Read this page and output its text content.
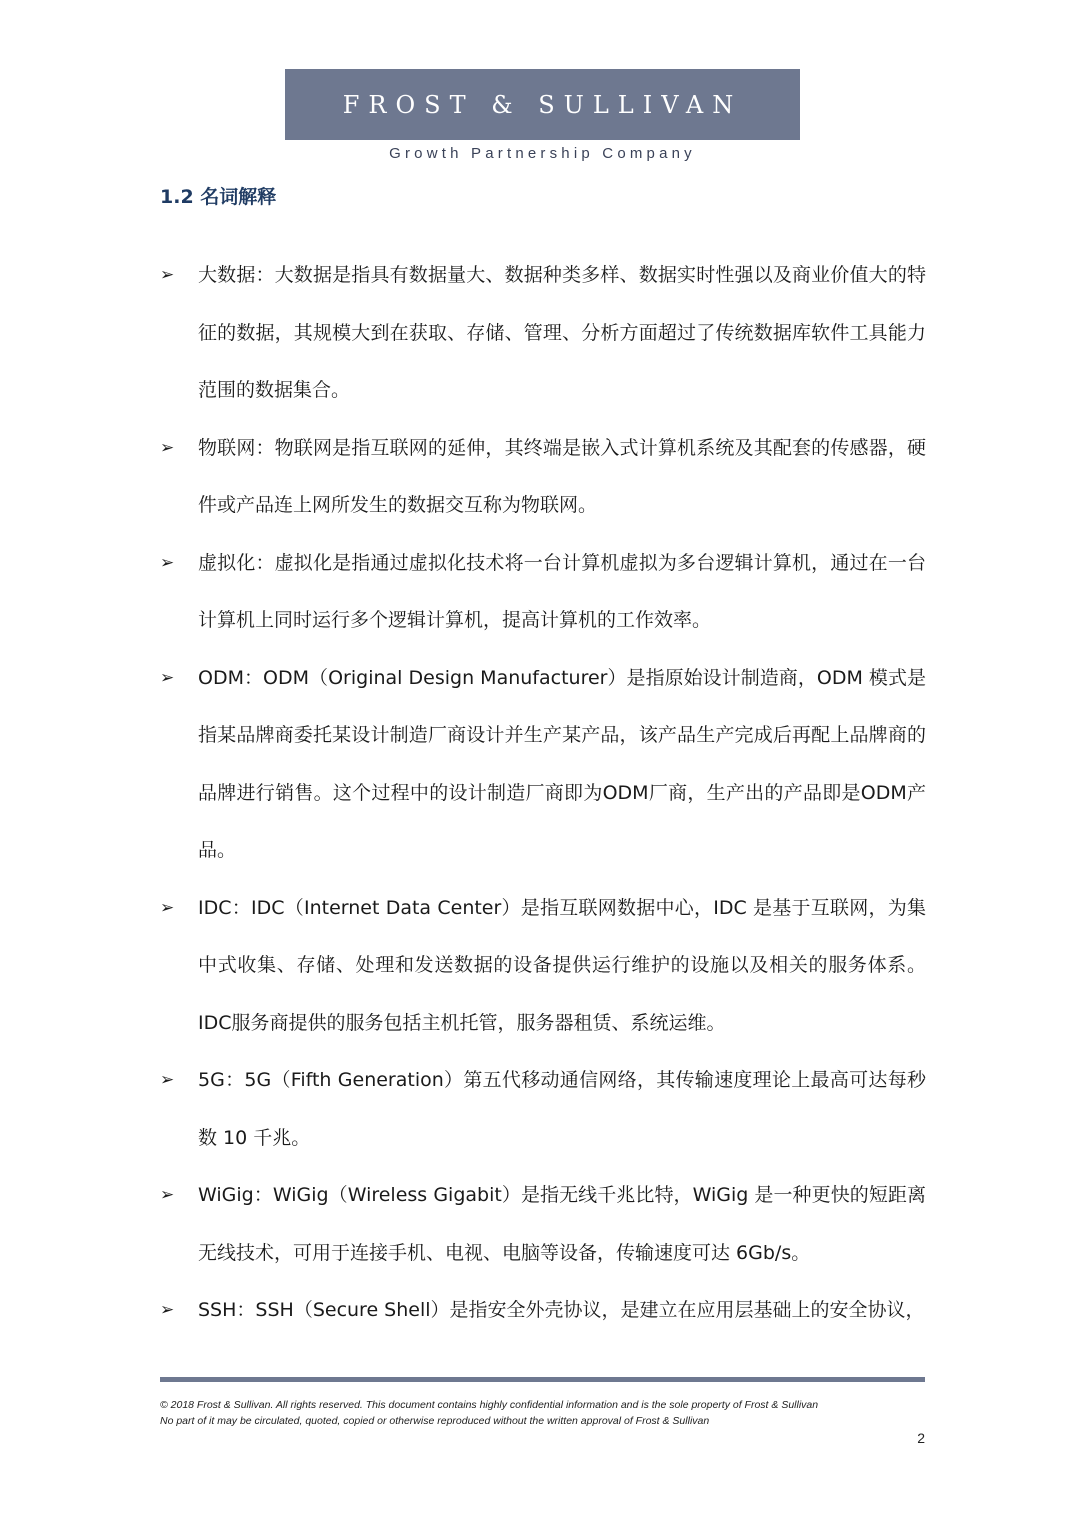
FROST & SULLIVAN
Growth Partnership Company
1.2 名词解释
➢ 大数据：大数据是指具有数据量大、数据种类多样、数据实时性强以及商业价值大的特征的数据，其规模大到在获取、存储、管理、分析方面超过了传统数据库软件工具能力范围的数据集合。
➢ 物联网：物联网是指互联网的延伸，其终端是嵌入式计算机系统及其配套的传感器，硬件或产品连上网所发生的数据交互称为物联网。
➢ 虚拟化：虚拟化是指通过虚拟化技术将一台计算机虚拟为多台逻辑计算机，通过在一台计算机上同时运行多个逻辑计算机，提高计算机的工作效率。
➢ ODM：ODM（Original Design Manufacturer）是指原始设计制造商，ODM 模式是指某品牌商委托某设计制造厂商设计并生产某产品，该产品生产完成后再配上品牌商的品牌进行销售。这个过程中的设计制造厂商即为ODM厂商，生产出的产品即是ODM产品。
➢ IDC：IDC（Internet Data Center）是指互联网数据中心，IDC 是基于互联网，为集中式收集、存储、处理和发送数据的设备提供运行维护的设施以及相关的服务体系。IDC服务商提供的服务包括主机托管，服务器租赁、系统运维。
➢ 5G：5G（Fifth Generation）第五代移动通信网络，其传输速度理论上最高可达每秒数 10 千兆。
➢ WiGig：WiGig（Wireless Gigabit）是指无线千兆比特，WiGig 是一种更快的短距离无线技术，可用于连接手机、电视、电脑等设备，传输速度可达 6Gb/s。
➢ SSH：SSH（Secure Shell）是指安全外壳协议，是建立在应用层基础上的安全协议，
© 2018 Frost & Sullivan. All rights reserved. This document contains highly confidential information and is the sole property of Frost & Sullivan
No part of it may be circulated, quoted, copied or otherwise reproduced without the written approval of Frost & Sullivan
2
